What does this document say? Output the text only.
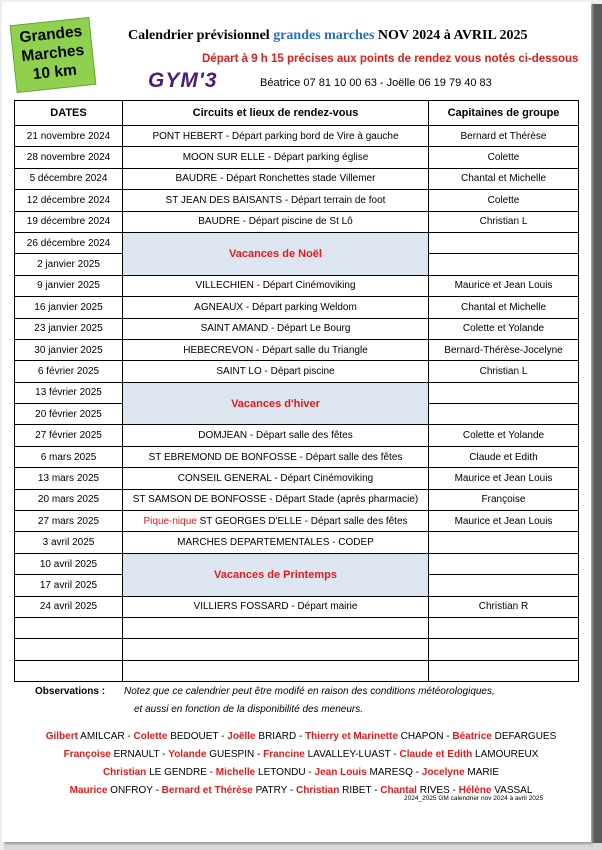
Grandes
Marches
10 km
Calendrier prévisionnel grandes marches NOV 2024 à AVRIL 2025
Départ à 9 h 15 précises aux points de rendez vous notés ci-dessous
GYM'3	Béatrice 07 81 10 00 63 - Joëlle 06 19 79 40 83
DATES	Circuits et lieux de rendez-vous	Capitaines de groupe
21 novembre 2024	PONT HEBERT - Départ parking bord de Vire à gauche	Bernard et Thérèse
28 novembre 2024	MOON SUR ELLE - Départ parking église	Colette
5 décembre 2024	BAUDRE - Départ Ronchettes stade Villemer	Chantal et Michelle
12 décembre 2024	ST JEAN DES BAISANTS - Départ terrain de foot	Colette
19 décembre 2024	BAUDRE - Départ piscine de St Lô	Christian L
26 décembre 2024	Vacances de Noël	
2 janvier 2025		
9 janvier 2025	VILLECHIEN - Départ Cinémoviking	Maurice et Jean Louis
16 janvier 2025	AGNEAUX - Départ parking Weldom	Chantal et Michelle
23 janvier 2025	SAINT AMAND - Départ Le Bourg	Colette et Yolande
30 janvier 2025	HEBECREVON - Départ salle du Triangle	Bernard-Thérèse-Jocelyne
6 février 2025	SAINT LO - Départ piscine	Christian L
13 février 2025	Vacances d'hiver	
20 février 2025		
27 février 2025	DOMJEAN - Départ salle des fêtes	Colette et Yolande
6 mars 2025	ST EBREMOND DE BONFOSSE - Départ salle des fêtes	Claude et Edith
13 mars 2025	CONSEIL GENERAL - Départ Cinémoviking	Maurice et Jean Louis
20 mars 2025	ST SAMSON DE BONFOSSE - Départ Stade (après pharmacie)	Françoise
27 mars 2025	Pique-nique ST GEORGES D'ELLE - Départ salle des fêtes	Maurice et Jean Louis
3 avril 2025	MARCHES DEPARTEMENTALES - CODEP	
10 avril 2025	Vacances de Printemps	
17 avril 2025		
24 avril 2025	VILLIERS FOSSARD - Départ mairie	Christian R

Observations : Notez que ce calendrier peut être modifé en raison des conditions météorologiques,
et aussi en fonction de la disponibilité des meneurs.
Gilbert AMILCAR - Colette BEDOUET - Joëlle BRIARD - Thierry et Marinette CHAPON - Béatrice DEFARGUES
Françoise ERNAULT - Yolande GUESPIN - Francine LAVALLEY-LUAST - Claude et Edith LAMOUREUX
Christian LE GENDRE - Michelle LETONDU - Jean Louis MARESQ - Jocelyne MARIE
Maurice ONFROY - Bernard et Thérèse PATRY - Christian RIBET - Chantal RIVES - Hélène VASSAL
2024_2025 GM calendrier nov 2024 à avril 2025
